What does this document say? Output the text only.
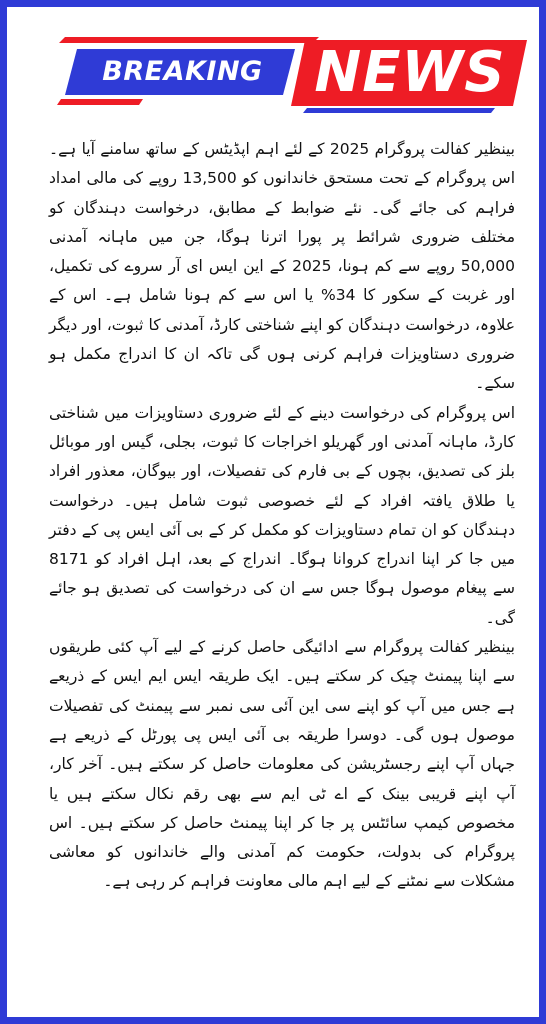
BREAKING NEWS

بینظیر کفالت پروگرام 2025 کے لئے اہم اپڈیٹس کے ساتھ سامنے آیا ہے۔ اس پروگرام کے تحت مستحق خاندانوں کو 13,500 روپے کی مالی امداد فراہم کی جائے گی۔ نئے ضوابط کے مطابق، درخواست دہندگان کو مختلف ضروری شرائط پر پورا اترنا ہوگا، جن میں ماہانہ آمدنی 50,000 روپے سے کم ہونا، 2025 کے این ایس ای آر سروے کی تکمیل، اور غربت کے سکور کا 34% یا اس سے کم ہونا شامل ہے۔ اس کے علاوہ، درخواست دہندگان کو اپنے شناختی کارڈ، آمدنی کا ثبوت، اور دیگر ضروری دستاویزات فراہم کرنی ہوں گی تاکہ ان کا اندراج مکمل ہو سکے۔

اس پروگرام کی درخواست دینے کے لئے ضروری دستاویزات میں شناختی کارڈ، ماہانہ آمدنی اور گھریلو اخراجات کا ثبوت، بجلی، گیس اور موبائل بلز کی تصدیق، بچوں کے بی فارم کی تفصیلات، اور بیوگان، معذور افراد یا طلاق یافتہ افراد کے لئے خصوصی ثبوت شامل ہیں۔ درخواست دہندگان کو ان تمام دستاویزات کو مکمل کر کے بی آئی ایس پی کے دفتر میں جا کر اپنا اندراج کروانا ہوگا۔ اندراج کے بعد، اہل افراد کو 8171 سے پیغام موصول ہوگا جس سے ان کی درخواست کی تصدیق ہو جائے گی۔

بینظیر کفالت پروگرام سے ادائیگی حاصل کرنے کے لیے آپ کئی طریقوں سے اپنا پیمنٹ چیک کر سکتے ہیں۔ ایک طریقہ ایس ایم ایس کے ذریعے ہے جس میں آپ کو اپنے سی این آئی سی نمبر سے پیمنٹ کی تفصیلات موصول ہوں گی۔ دوسرا طریقہ بی آئی ایس پی پورٹل کے ذریعے ہے جہاں آپ اپنے رجسٹریشن کی معلومات حاصل کر سکتے ہیں۔ آخر کار، آپ اپنے قریبی بینک کے اے ٹی ایم سے بھی رقم نکال سکتے ہیں یا مخصوص کیمپ سائٹس پر جا کر اپنا پیمنٹ حاصل کر سکتے ہیں۔ اس پروگرام کی بدولت، حکومت کم آمدنی والے خاندانوں کو معاشی مشکلات سے نمٹنے کے لیے اہم مالی معاونت فراہم کر رہی ہے۔
